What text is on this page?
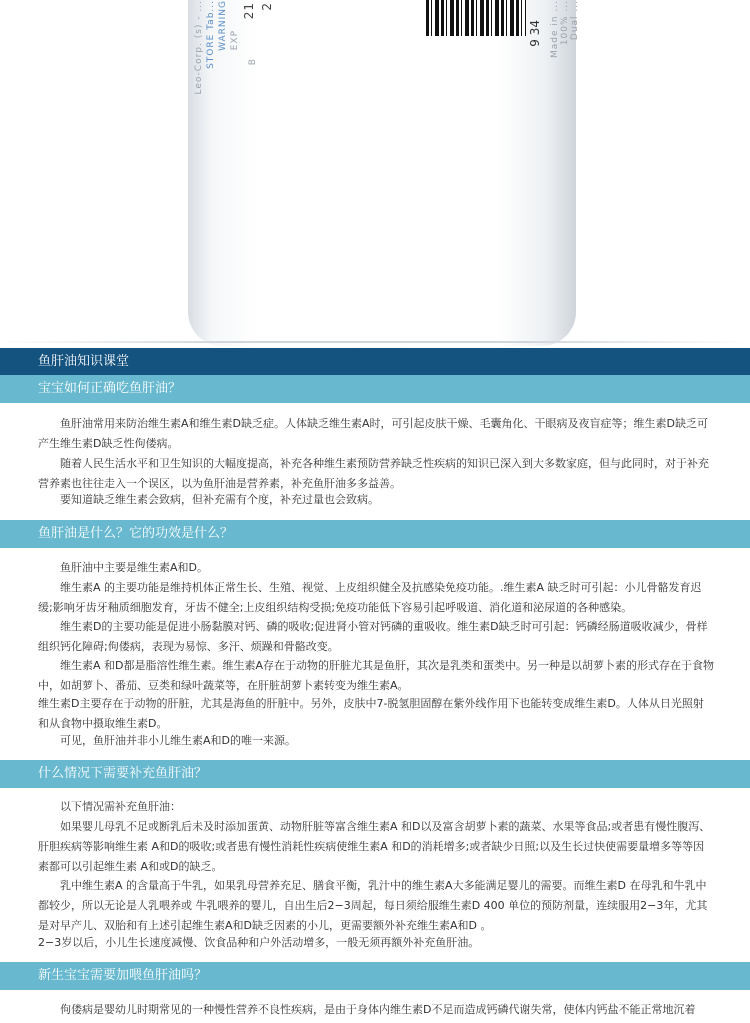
Leo-Corp. (s) - ... STORE Tab... WARNING EXP
B
21 2
9 34 Made in ... 100% ... Dual ...
鱼肝油知识课堂
宝宝如何正确吃鱼肝油？

鱼肝油常用来防治维生素A和维生素D缺乏症。人体缺乏维生素A时，可引起皮肤干燥、毛囊角化、干眼病及夜盲症等；维生素D缺乏可产生维生素D缺乏性佝偻病。

随着人民生活水平和卫生知识的大幅度提高，补充各种维生素预防营养缺乏性疾病的知识已深入到大多数家庭，但与此同时，对于补充营养素也往往走入一个误区，以为鱼肝油是营养素，补充鱼肝油多多益善。

要知道缺乏维生素会致病，但补充需有个度，补充过量也会致病。

鱼肝油是什么？它的功效是什么？

鱼肝油中主要是维生素A和D。

维生素A 的主要功能是维持机体正常生长、生殖、视觉、上皮组织健全及抗感染免疫功能。.维生素A 缺乏时可引起：小儿骨骼发育迟缓;影响牙齿牙釉质细胞发育，牙齿不健全;上皮组织结构受损;免疫功能低下容易引起呼吸道、消化道和泌尿道的各种感染。

维生素D的主要功能是促进小肠黏膜对钙、磷的吸收;促进肾小管对钙磷的重吸收。维生素D缺乏时可引起：钙磷经肠道吸收减少，骨样组织钙化障碍;佝偻病，表现为易惊、多汗、烦躁和骨骼改变。

维生素A 和D都是脂溶性维生素。维生素A存在于动物的肝脏尤其是鱼肝，其次是乳类和蛋类中。另一种是以胡萝卜素的形式存在于食物中，如胡萝卜、番茄、豆类和绿叶蔬菜等，在肝脏胡萝卜素转变为维生素A。

维生素D主要存在于动物的肝脏，尤其是海鱼的肝脏中。另外，皮肤中7-脱氢胆固醇在紫外线作用下也能转变成维生素D。人体从日光照射和从食物中摄取维生素D。

可见，鱼肝油并非小儿维生素A和D的唯一来源。

什么情况下需要补充鱼肝油？

以下情况需补充鱼肝油：

如果婴儿母乳不足或断乳后未及时添加蛋黄、动物肝脏等富含维生素A 和D以及富含胡萝卜素的蔬菜、水果等食品;或者患有慢性腹泻、肝胆疾病等影响维生素 A和D的吸收;或者患有慢性消耗性疾病使维生素A 和D的消耗增多;或者缺少日照;以及生长过快使需要量增多等等因素都可以引起维生素 A和或D的缺乏。

乳中维生素A 的含量高于牛乳，如果乳母营养充足、膳食平衡，乳汁中的维生素A大多能满足婴儿的需要。而维生素D 在母乳和牛乳中都较少，所以无论是人乳喂养或 牛乳喂养的婴儿，自出生后2−3周起，每日须给服维生素D 400 单位的预防剂量，连续服用2−3年，尤其是对早产儿、双胎和有上述引起维生素A和D缺乏因素的小儿，更需要额外补充维生素A和D 。

2−3岁以后，小儿生长速度减慢、饮食品种和户外活动增多，一般无须再额外补充鱼肝油。

新生宝宝需要加喂鱼肝油吗？

佝偻病是婴幼儿时期常见的一种慢性营养不良性疾病，是由于身体内维生素D不足而造成钙磷代谢失常，使体内钙盐不能正常地沉着
